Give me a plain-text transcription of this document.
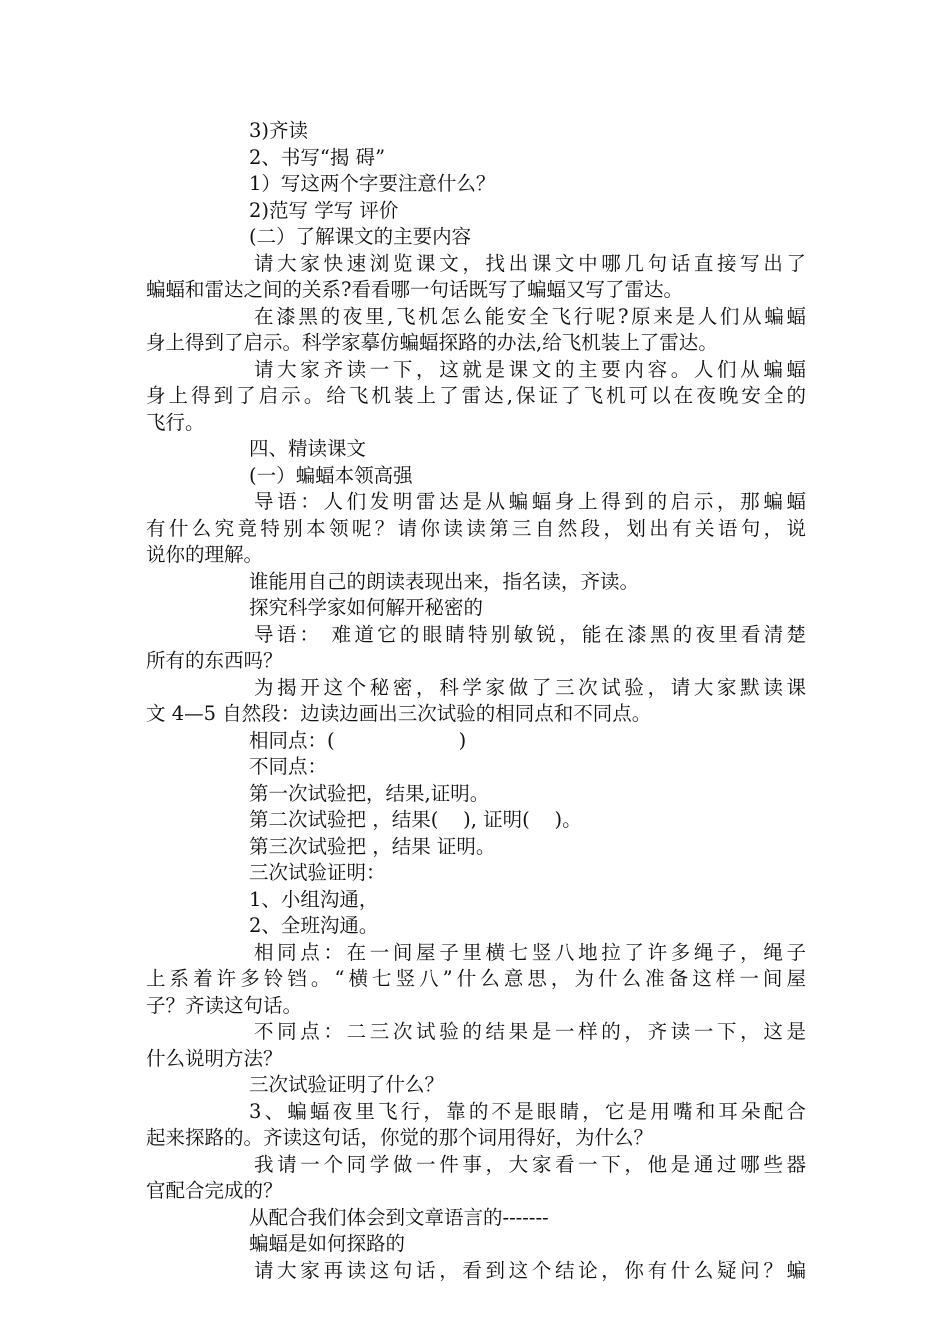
3)齐读
2、书写“揭 碍”
1）写这两个字要注意什么？
2)范写 学写 评价
(二）了解课文的主要内容
请大家快速浏览课文，找出课文中哪几句话直接写出了
蝙蝠和雷达之间的关系?看看哪一句话既写了蝙蝠又写了雷达。
在漆黑的夜里,飞机怎么能安全飞行呢?原来是人们从蝙蝠
身上得到了启示。科学家摹仿蝙蝠探路的办法,给飞机装上了雷达。
请大家齐读一下，这就是课文的主要内容。人们从蝙蝠
身上得到了启示。给飞机装上了雷达,保证了飞机可以在夜晚安全的
飞行。
四、精读课文
(一）蝙蝠本领高强
导语：人们发明雷达是从蝙蝠身上得到的启示，那蝙蝠
有什么究竟特别本领呢？请你读读第三自然段，划出有关语句，说
说你的理解。
谁能用自己的朗读表现出来，指名读，齐读。
探究科学家如何解开秘密的
导语： 难道它的眼睛特别敏锐，能在漆黑的夜里看清楚
所有的东西吗？
为揭开这个秘密，科学家做了三次试验，请大家默读课
文 4—5 自然段：边读边画出三次试验的相同点和不同点。
相同点：(                    )
不同点：
第一次试验把，结果,证明。
第二次试验把 ，结果(    ), 证明(    )。
第三次试验把 ，结果 证明。
三次试验证明：
1、小组沟通，
2、全班沟通。
相同点：在一间屋子里横七竖八地拉了许多绳子，绳子
上系着许多铃铛。“横七竖八”什么意思，为什么准备这样一间屋
子？齐读这句话。
不同点：二三次试验的结果是一样的，齐读一下，这是
什么说明方法？
三次试验证明了什么？
3、蝙蝠夜里飞行，靠的不是眼睛，它是用嘴和耳朵配合
起来探路的。齐读这句话，你觉的那个词用得好，为什么？
我请一个同学做一件事，大家看一下，他是通过哪些器
官配合完成的？
从配合我们体会到文章语言的-------
蝙蝠是如何探路的
请大家再读这句话，看到这个结论，你有什么疑问？蝙
